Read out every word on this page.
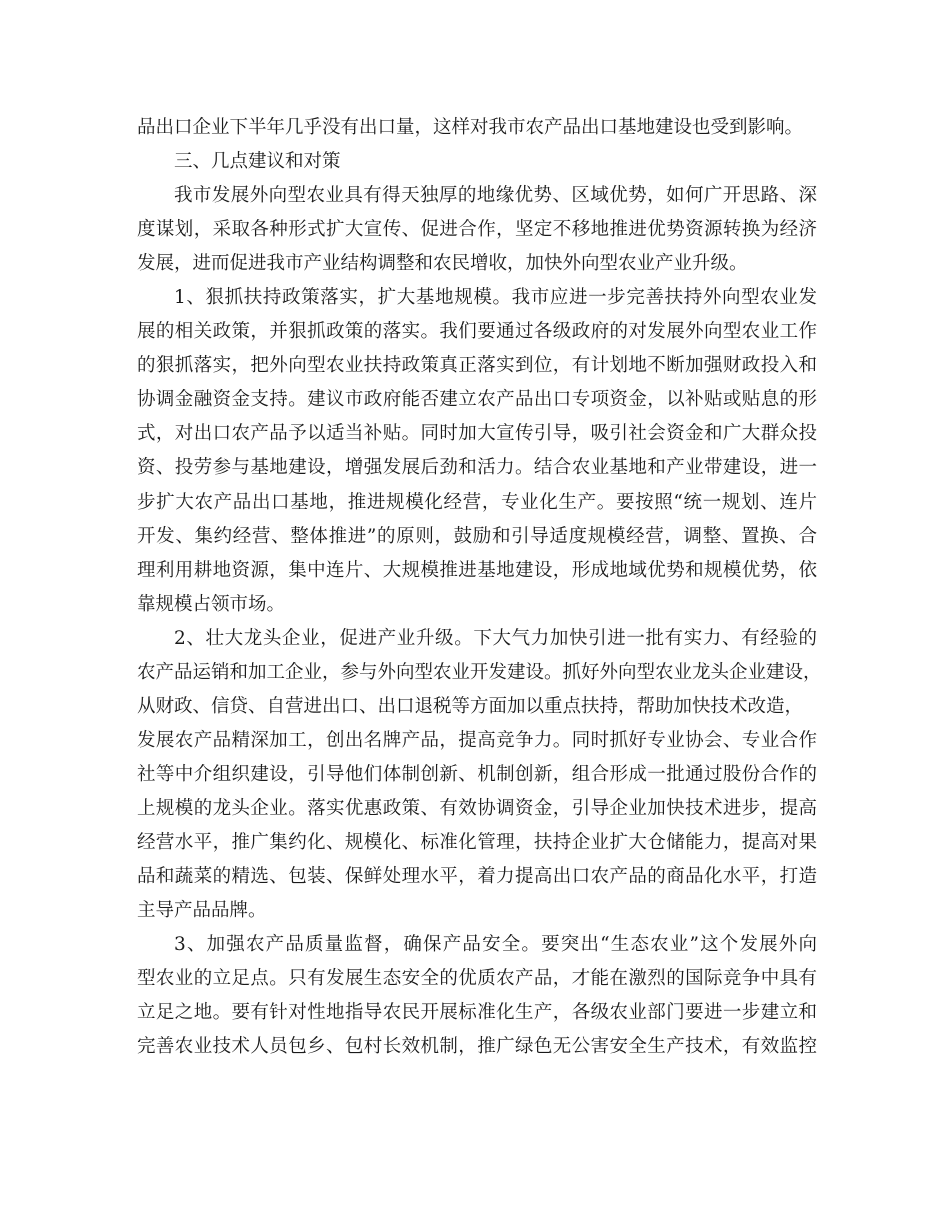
品出口企业下半年几乎没有出口量，这样对我市农产品出口基地建设也受到影响。
三、几点建议和对策
我市发展外向型农业具有得天独厚的地缘优势、区域优势，如何广开思路、深
度谋划，采取各种形式扩大宣传、促进合作，坚定不移地推进优势资源转换为经济
发展，进而促进我市产业结构调整和农民增收，加快外向型农业产业升级。
1、狠抓扶持政策落实，扩大基地规模。我市应进一步完善扶持外向型农业发
展的相关政策，并狠抓政策的落实。我们要通过各级政府的对发展外向型农业工作
的狠抓落实，把外向型农业扶持政策真正落实到位，有计划地不断加强财政投入和
协调金融资金支持。建议市政府能否建立农产品出口专项资金，以补贴或贴息的形
式，对出口农产品予以适当补贴。同时加大宣传引导，吸引社会资金和广大群众投
资、投劳参与基地建设，增强发展后劲和活力。结合农业基地和产业带建设，进一
步扩大农产品出口基地，推进规模化经营，专业化生产。要按照“统一规划、连片
开发、集约经营、整体推进”的原则，鼓励和引导适度规模经营，调整、置换、合
理利用耕地资源，集中连片、大规模推进基地建设，形成地域优势和规模优势，依
靠规模占领市场。
2、壮大龙头企业，促进产业升级。下大气力加快引进一批有实力、有经验的
农产品运销和加工企业，参与外向型农业开发建设。抓好外向型农业龙头企业建设，
从财政、信贷、自营进出口、出口退税等方面加以重点扶持，帮助加快技术改造，
发展农产品精深加工，创出名牌产品，提高竞争力。同时抓好专业协会、专业合作
社等中介组织建设，引导他们体制创新、机制创新，组合形成一批通过股份合作的
上规模的龙头企业。落实优惠政策、有效协调资金，引导企业加快技术进步，提高
经营水平，推广集约化、规模化、标准化管理，扶持企业扩大仓储能力，提高对果
品和蔬菜的精选、包装、保鲜处理水平，着力提高出口农产品的商品化水平，打造
主导产品品牌。
3、加强农产品质量监督，确保产品安全。要突出“生态农业”这个发展外向
型农业的立足点。只有发展生态安全的优质农产品，才能在激烈的国际竞争中具有
立足之地。要有针对性地指导农民开展标准化生产，各级农业部门要进一步建立和
完善农业技术人员包乡、包村长效机制，推广绿色无公害安全生产技术，有效监控
